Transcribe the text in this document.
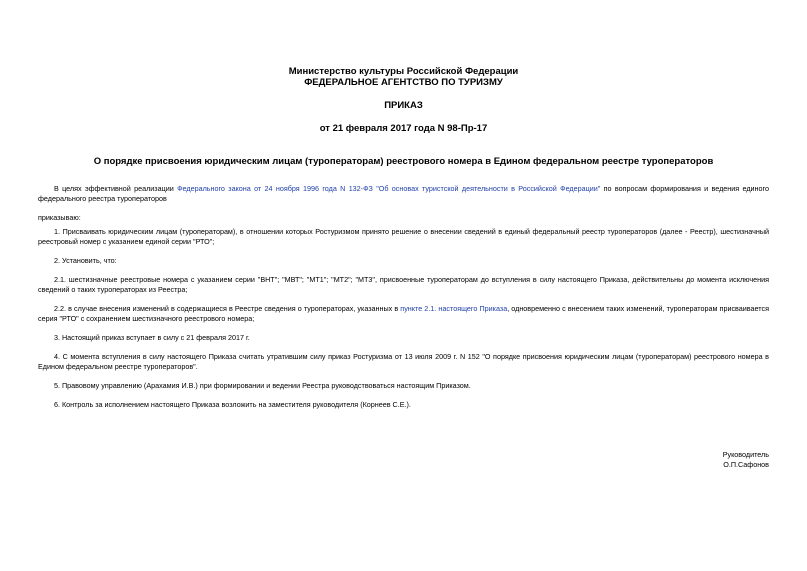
Министерство культуры Российской Федерации
ФЕДЕРАЛЬНОЕ АГЕНТСТВО ПО ТУРИЗМУ
ПРИКАЗ
от 21 февраля 2017 года N 98-Пр-17
О порядке присвоения юридическим лицам (туроператорам) реестрового номера в Едином федеральном реестре туроператоров

В целях эффективной реализации Федерального закона от 24 ноября 1996 года N 132-ФЗ "Об основах туристской деятельности в Российской Федерации" по вопросам формирования и ведения единого федерального реестра туроператоров

приказываю:

1. Присваивать юридическим лицам (туроператорам), в отношении которых Ростуризмом принято решение о внесении сведений в единый федеральный реестр туроператоров (далее - Реестр), шестизначный реестровый номер с указанием единой серии "РТО";

2. Установить, что:

2.1. шестизначные реестровые номера с указанием серии "ВНТ"; "МВТ"; "МТ1"; "МТ2"; "МТ3", присвоенные туроператорам до вступления в силу настоящего Приказа, действительны до момента исключения сведений о таких туроператорах из Реестра;

2.2. в случае внесения изменений в содержащиеся в Реестре сведения о туроператорах, указанных в пункте 2.1. настоящего Приказа, одновременно с внесением таких изменений, туроператорам присваивается серия "РТО" с сохранением шестизначного реестрового номера;

3. Настоящий приказ вступает в силу с 21 февраля 2017 г.

4. С момента вступления в силу настоящего Приказа считать утратившим силу приказ Ростуризма от 13 июля 2009 г. N 152 "О порядке присвоения юридическим лицам (туроператорам) реестрового номера в Едином федеральном реестре туроператоров".

5. Правовому управлению (Арахамия И.В.) при формировании и ведении Реестра руководствоваться настоящим Приказом.

6. Контроль за исполнением настоящего Приказа возложить на заместителя руководителя (Корнеев С.Е.).

Руководитель
О.П.Сафонов
